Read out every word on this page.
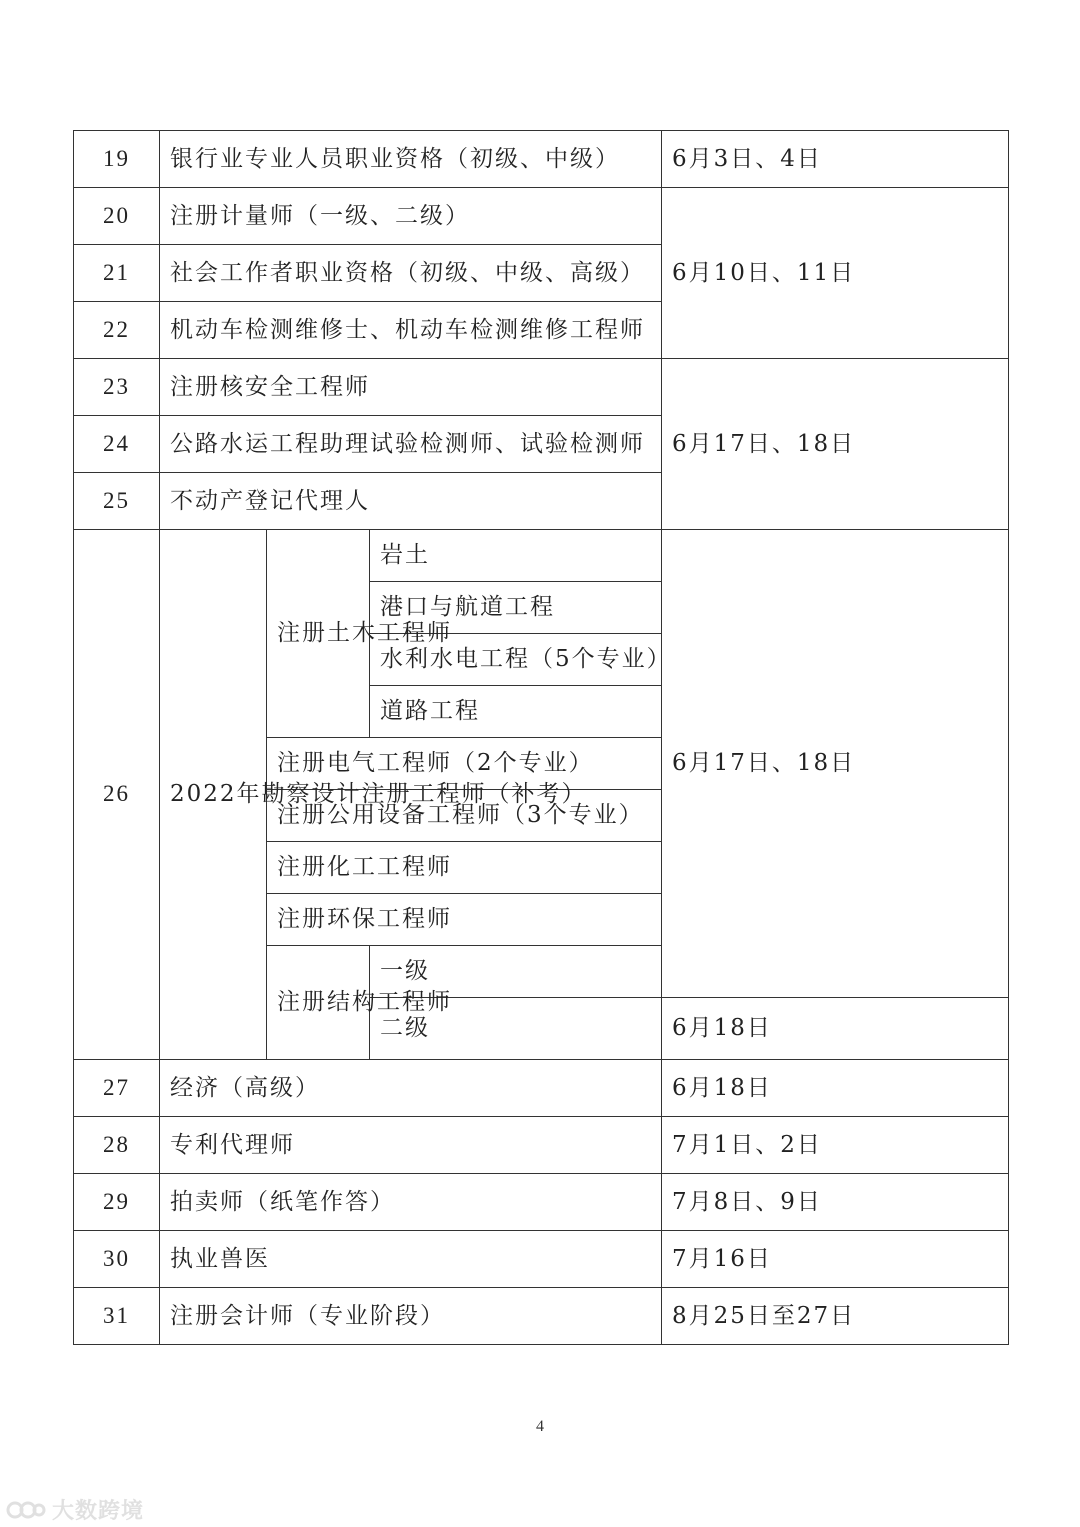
19	银行业专业人员职业资格（初级、中级）			6月3日、4日
20	注册计量师（一级、二级）			6月10日、11日
21	社会工作者职业资格（初级、中级、高级）			
22	机动车检测维修士、机动车检测维修工程师			
23	注册核安全工程师			6月17日、18日
24	公路水运工程助理试验检测师、试验检测师			
25	不动产登记代理人			
26	2022年勘察设计注册工程师（补考）	注册土木工程师	岩土	6月17日、18日
			港口与航道工程	
			水利水电工程（5个专业）	
			道路工程	
		注册电气工程师（2个专业）		
		注册公用设备工程师（3个专业）		
		注册化工工程师		
		注册环保工程师		
		注册结构工程师	一级	
			二级	6月18日
27	经济（高级）			6月18日
28	专利代理师			7月1日、2日
29	拍卖师（纸笔作答）			7月8日、9日
30	执业兽医			7月16日
31	注册会计师（专业阶段）			8月25日至27日
4
大数跨境
